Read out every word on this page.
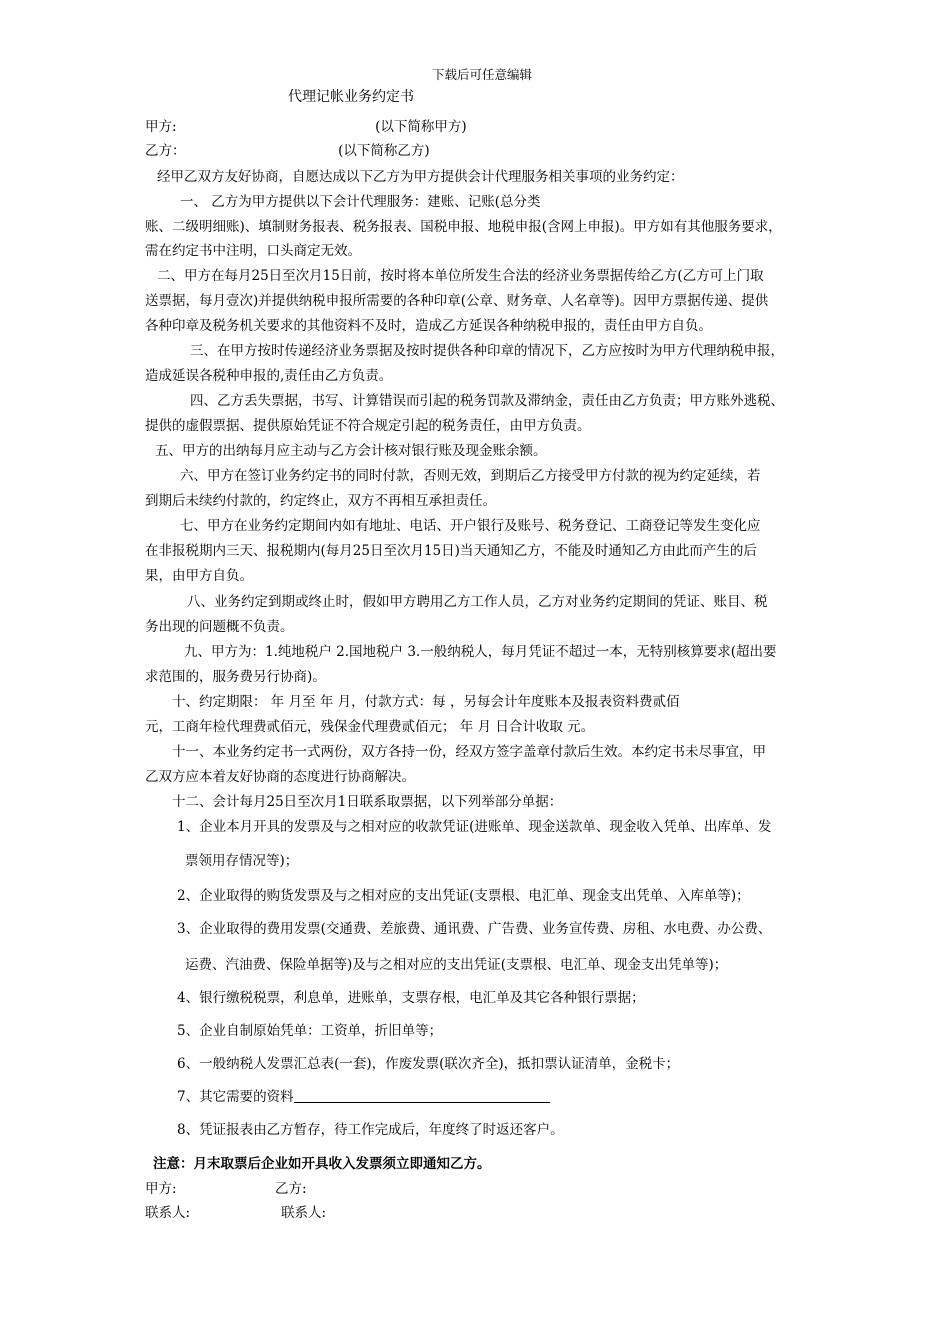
下载后可任意编辑
代理记帐业务约定书
甲方:	(以下简称甲方)
乙方：	(以下简称乙方)
经甲乙双方友好协商，自愿达成以下乙方为甲方提供会计代理服务相关事项的业务约定：
一、 乙方为甲方提供以下会计代理服务：建账、记账(总分类
账、二级明细账)、填制财务报表、税务报表、国税申报、地税申报(含网上申报)。甲方如有其他服务要求，
需在约定书中注明，口头商定无效。
二、甲方在每月25日至次月15日前，按时将本单位所发生合法的经济业务票据传给乙方(乙方可上门取
送票据，每月壹次)并提供纳税申报所需要的各种印章(公章、财务章、人名章等)。因甲方票据传递、提供
各种印章及税务机关要求的其他资料不及时，造成乙方延误各种纳税申报的，责任由甲方自负。
三、在甲方按时传递经济业务票据及按时提供各种印章的情况下，乙方应按时为甲方代理纳税申报，
造成延误各税种申报的,责任由乙方负责。
四、乙方丢失票据，书写、计算错误而引起的税务罚款及滞纳金，责任由乙方负责；甲方账外逃税、
提供的虚假票据、提供原始凭证不符合规定引起的税务责任，由甲方负责。
五、甲方的出纳每月应主动与乙方会计核对银行账及现金账余额。
六、甲方在签订业务约定书的同时付款，否则无效，到期后乙方接受甲方付款的视为约定延续，若
到期后未续约付款的，约定终止，双方不再相互承担责任。
七、甲方在业务约定期间内如有地址、电话、开户银行及账号、税务登记、工商登记等发生变化应
在非报税期内三天、报税期内(每月25日至次月15日)当天通知乙方，不能及时通知乙方由此而产生的后
果，由甲方自负。
八、业务约定到期或终止时，假如甲方聘用乙方工作人员，乙方对业务约定期间的凭证、账目、税
务出现的问题概不负责。
九、甲方为：1.纯地税户 2.国地税户 3.一般纳税人，每月凭证不超过一本，无特别核算要求(超出要
求范围的，服务费另行协商)。
十、约定期限： 年 月至 年 月，付款方式：每 ，另每会计年度账本及报表资料费贰佰
元，工商年检代理费贰佰元，残保金代理费贰佰元； 年 月 日合计收取 元。
十一、本业务约定书一式两份，双方各持一份，经双方签字盖章付款后生效。本约定书未尽事宜，甲
乙双方应本着友好协商的态度进行协商解决。
十二、会计每月25日至次月1日联系取票据，以下列举部分单据：
1、企业本月开具的发票及与之相对应的收款凭证(进账单、现金送款单、现金收入凭单、出库单、发
票领用存情况等)；
2、企业取得的购货发票及与之相对应的支出凭证(支票根、电汇单、现金支出凭单、入库单等)；
3、企业取得的费用发票(交通费、差旅费、通讯费、广告费、业务宣传费、房租、水电费、办公费、
运费、汽油费、保险单据等)及与之相对应的支出凭证(支票根、电汇单、现金支出凭单等)；
4、银行缴税税票，利息单，进账单，支票存根，电汇单及其它各种银行票据；
5、企业自制原始凭单：工资单，折旧单等；
6、一般纳税人发票汇总表(一套)，作废发票(联次齐全)，抵扣票认证清单，金税卡；
7、其它需要的资料
8、凭证报表由乙方暂存，待工作完成后，年度终了时返还客户。
注意：月末取票后企业如开具收入发票须立即通知乙方。
甲方:	乙方:
联系人:	联系人:
